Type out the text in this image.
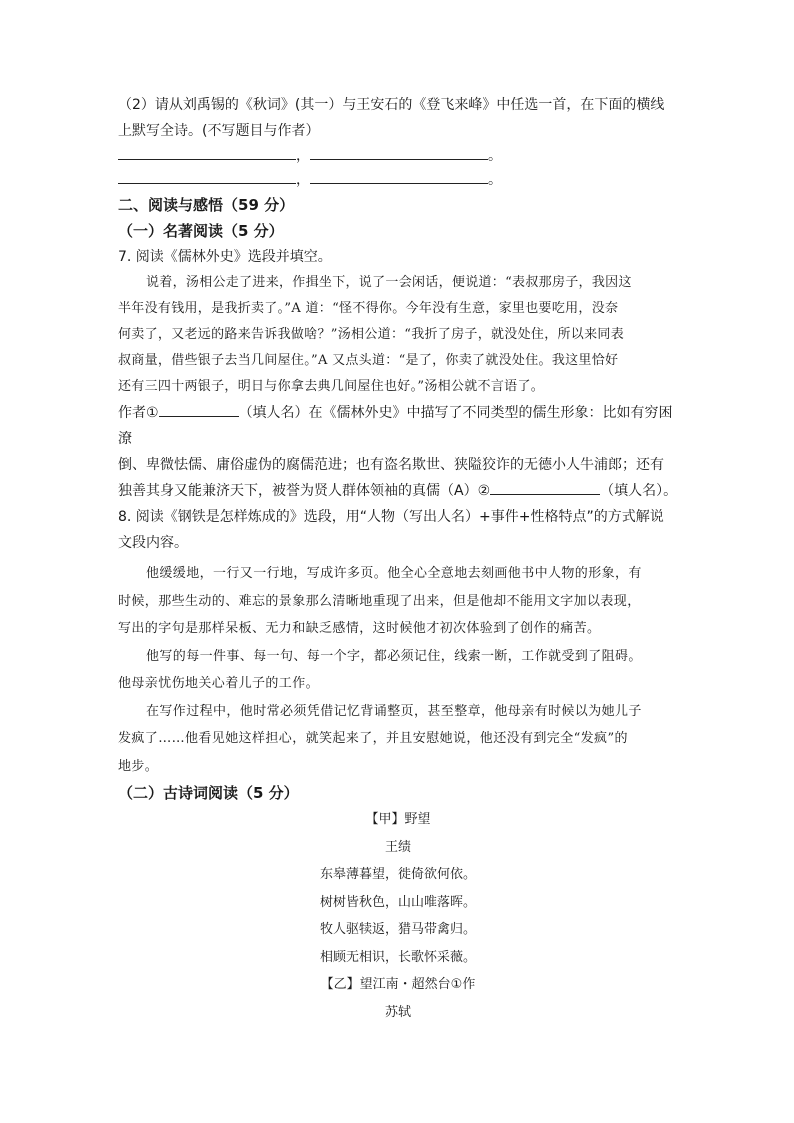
（2）请从刘禹锡的《秋词》(其一）与王安石的《登飞来峰》中任选一首，在下面的横线

上默写全诗。(不写题目与作者）

，	。

，	。

二、阅读与感悟（59 分）

（一）名著阅读（5 分）

7. 阅读《儒林外史》选段并填空。

说着，汤相公走了进来，作揖坐下，说了一会闲话，便说道：“表叔那房子，我因这

半年没有钱用，是我折卖了。”A 道：“怪不得你。今年没有生意，家里也要吃用，没奈

何卖了，又老远的路来告诉我做啥？”汤相公道：“我折了房子，就没处住，所以来同表

叔商量，借些银子去当几间屋住。”A 又点头道：“是了，你卖了就没处住。我这里恰好

还有三四十两银子，明日与你拿去典几间屋住也好。”汤相公就不言语了。

作者①	（填人名）在《儒林外史》中描写了不同类型的儒生形象：比如有穷困潦

倒、卑微怯儒、庸俗虚伪的腐儒范进；也有盗名欺世、狭隘狡诈的无德小人牛浦郎；还有

独善其身又能兼济天下，被誉为贤人群体领袖的真儒（A）②	（填人名）。

8. 阅读《钢铁是怎样炼成的》选段，用“人物（写出人名）+事件+性格特点”的方式解说

文段内容。

他缓缓地，一行又一行地，写成许多页。他全心全意地去刻画他书中人物的形象，有

时候，那些生动的、难忘的景象那么清晰地重现了出来，但是他却不能用文字加以表现，

写出的字句是那样呆板、无力和缺乏感情，这时候他才初次体验到了创作的痛苦。

他写的每一件事、每一句、每一个字，都必须记住，线索一断，工作就受到了阻碍。

他母亲忧伤地关心着儿子的工作。

在写作过程中，他时常必须凭借记忆背诵整页，甚至整章，他母亲有时候以为她儿子

发疯了……他看见她这样担心，就笑起来了，并且安慰她说，他还没有到完全“发疯”的

地步。

（二）古诗词阅读（5 分）

【甲】野望

王绩

东皋薄暮望，徙倚欲何依。

树树皆秋色，山山唯落晖。

牧人驱犊返，猎马带禽归。

相顾无相识，长歌怀采薇。

【乙】望江南・超然台①作

苏轼
